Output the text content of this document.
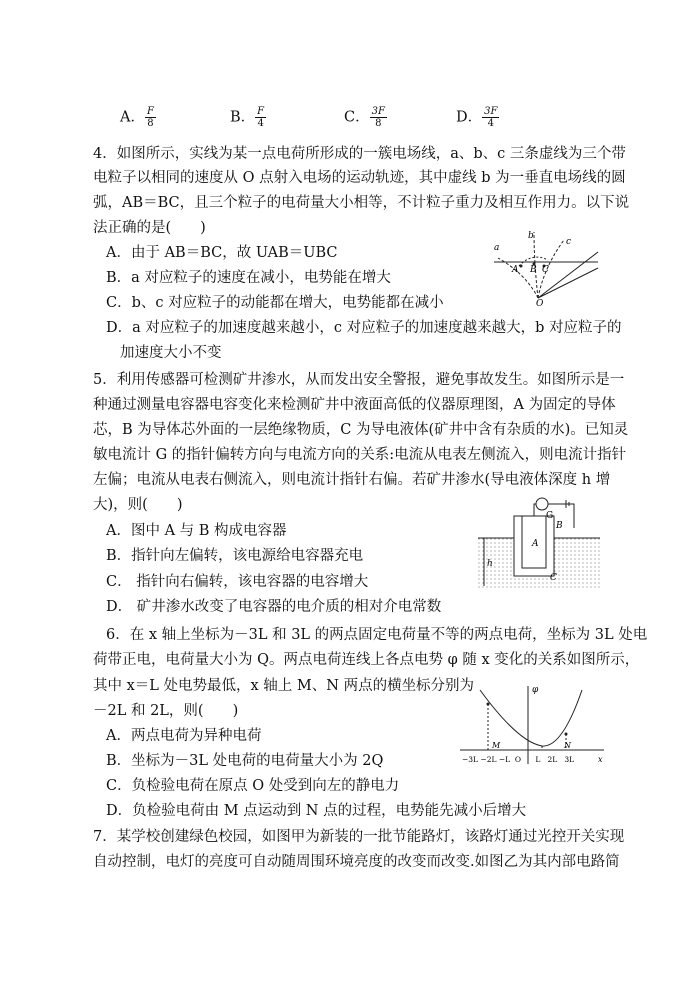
A． $\frac{F}{8}$	B． $\frac{F}{4}$	C． $\frac{3F}{8}$	D． $\frac{3F}{4}$
4．如图所示，实线为某一点电荷所形成的一簇电场线，a、b、c 三条虚线为三个带
电粒子以相同的速度从 O 点射入电场的运动轨迹，其中虚线 b 为一垂直电场线的圆
弧，AB＝BC，且三个粒子的电荷量大小相等，不计粒子重力及相互作用力。以下说
法正确的是(　　)
A．由于 AB＝BC，故 UAB＝UBC
B．a 对应粒子的速度在减小，电势能在增大
C．b、c 对应粒子的动能都在增大，电势能都在减小
D．a 对应粒子的加速度越来越小，c 对应粒子的加速度越来越大，b 对应粒子的
加速度大小不变
a
b
c
A B C
O
5．利用传感器可检测矿井渗水，从而发出安全警报，避免事故发生。如图所示是一
种通过测量电容器电容变化来检测矿井中液面高低的仪器原理图，A 为固定的导体
芯，B 为导体芯外面的一层绝缘物质，C 为导电液体(矿井中含有杂质的水)。已知灵
敏电流计 G 的指针偏转方向与电流方向的关系:电流从电表左侧流入，则电流计指针
左偏；电流从电表右侧流入，则电流计指针右偏。若矿井渗水(导电液体深度 h 增
大)，则(　　)
A．图中 A 与 B 构成电容器
B．指针向左偏转，该电源给电容器充电
C． 指针向右偏转，该电容器的电容增大
D． 矿井渗水改变了电容器的电介质的相对介电常数
G
A
B
C
h
6．在 x 轴上坐标为－3L 和 3L 的两点固定电荷量不等的两点电荷，坐标为 3L 处电
荷带正电，电荷量大小为 Q。两点电荷连线上各点电势 φ 随 x 变化的关系如图所示，
其中 x＝L 处电势最低，x 轴上 M、N 两点的横坐标分别为
－2L 和 2L，则(　　)
A．两点电荷为异种电荷
B．坐标为－3L 处电荷的电荷量大小为 2Q
C．负检验电荷在原点 O 处受到向左的静电力
D．负检验电荷由 M 点运动到 N 点的过程，电势能先减小后增大
φ
M	N
x
−3L −2L −L  O      L   2L   3L
7．某学校创建绿色校园，如图甲为新装的一批节能路灯，该路灯通过光控开关实现
自动控制，电灯的亮度可自动随周围环境亮度的改变而改变.如图乙为其内部电路简
